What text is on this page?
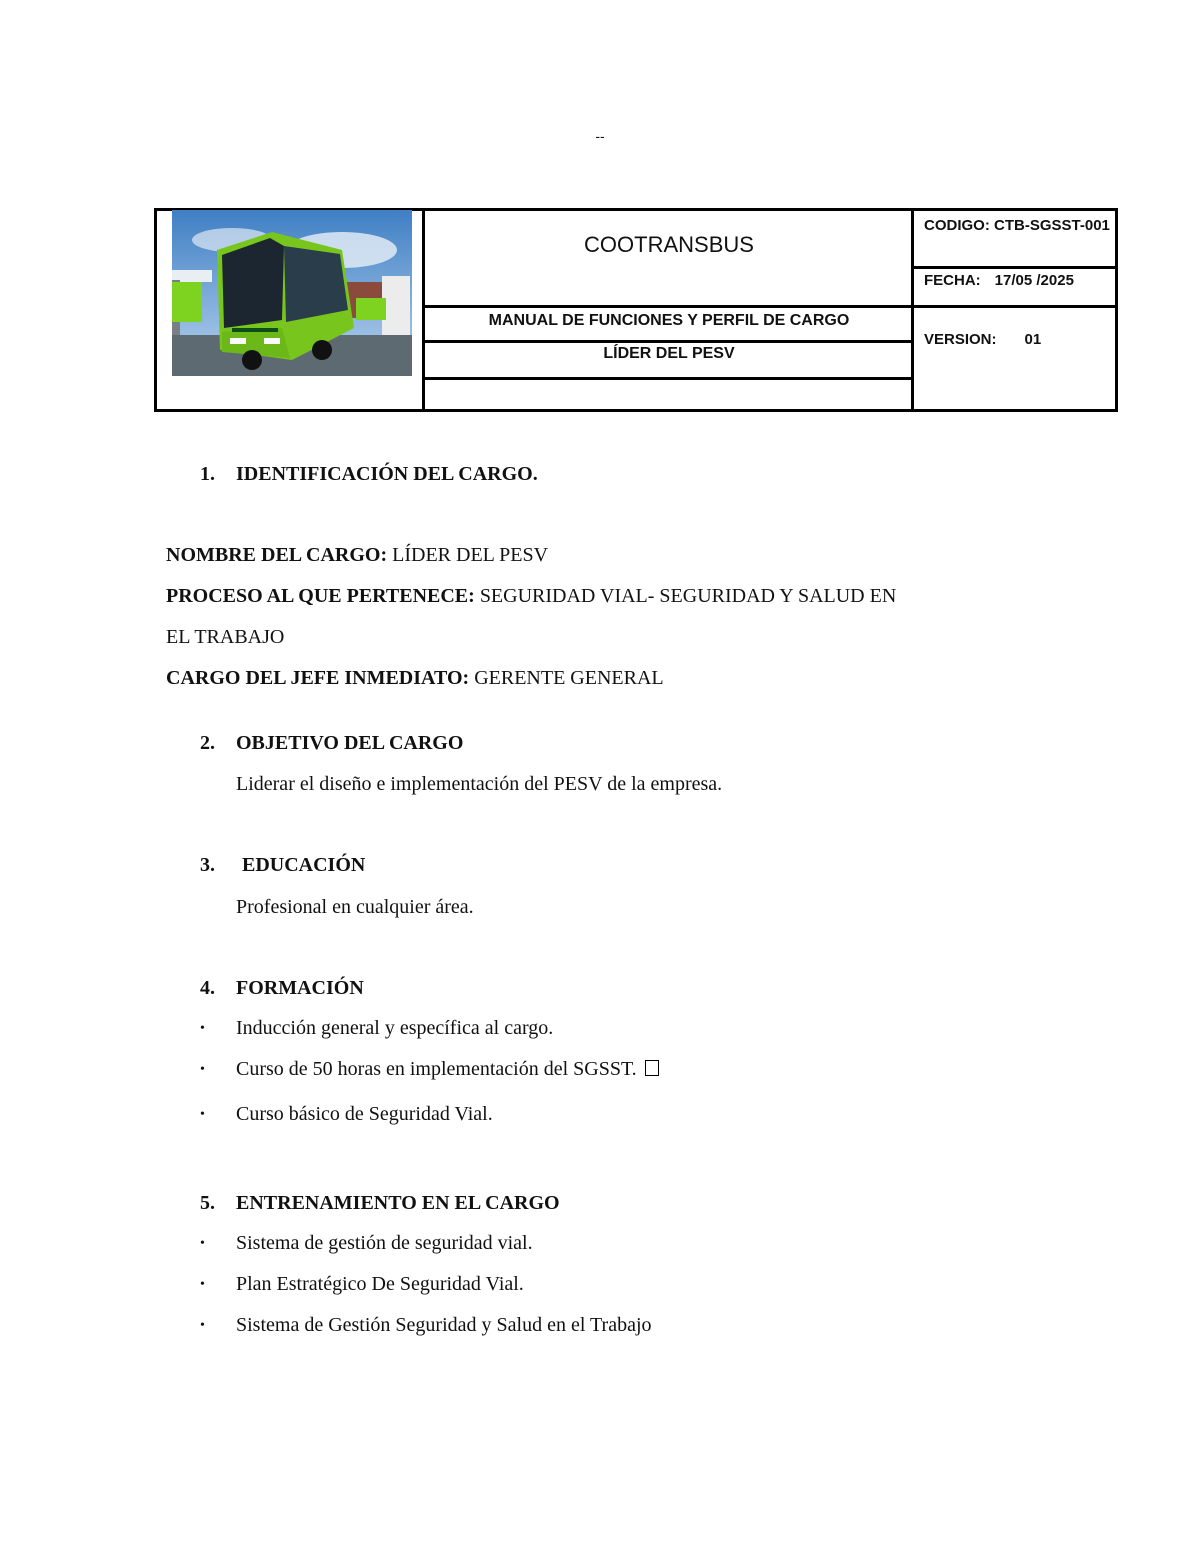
--
COOTRANSBUS
MANUAL DE FUNCIONES Y PERFIL DE CARGO
LÍDER DEL PESV
CODIGO: CTB-SGSST-001
FECHA: 17/05 /2025
VERSION: 01
1. IDENTIFICACIÓN DEL CARGO.
NOMBRE DEL CARGO: LÍDER DEL PESV
PROCESO AL QUE PERTENECE: SEGURIDAD VIAL- SEGURIDAD Y SALUD EN
EL TRABAJO
CARGO DEL JEFE INMEDIATO: GERENTE GENERAL
2. OBJETIVO DEL CARGO
Liderar el diseño e implementación del PESV de la empresa.
3. EDUCACIÓN
Profesional en cualquier área.
4. FORMACIÓN
• Inducción general y específica al cargo.
• Curso de 50 horas en implementación del SGSST.
• Curso básico de Seguridad Vial.
5. ENTRENAMIENTO EN EL CARGO
• Sistema de gestión de seguridad vial.
• Plan Estratégico De Seguridad Vial.
• Sistema de Gestión Seguridad y Salud en el Trabajo
